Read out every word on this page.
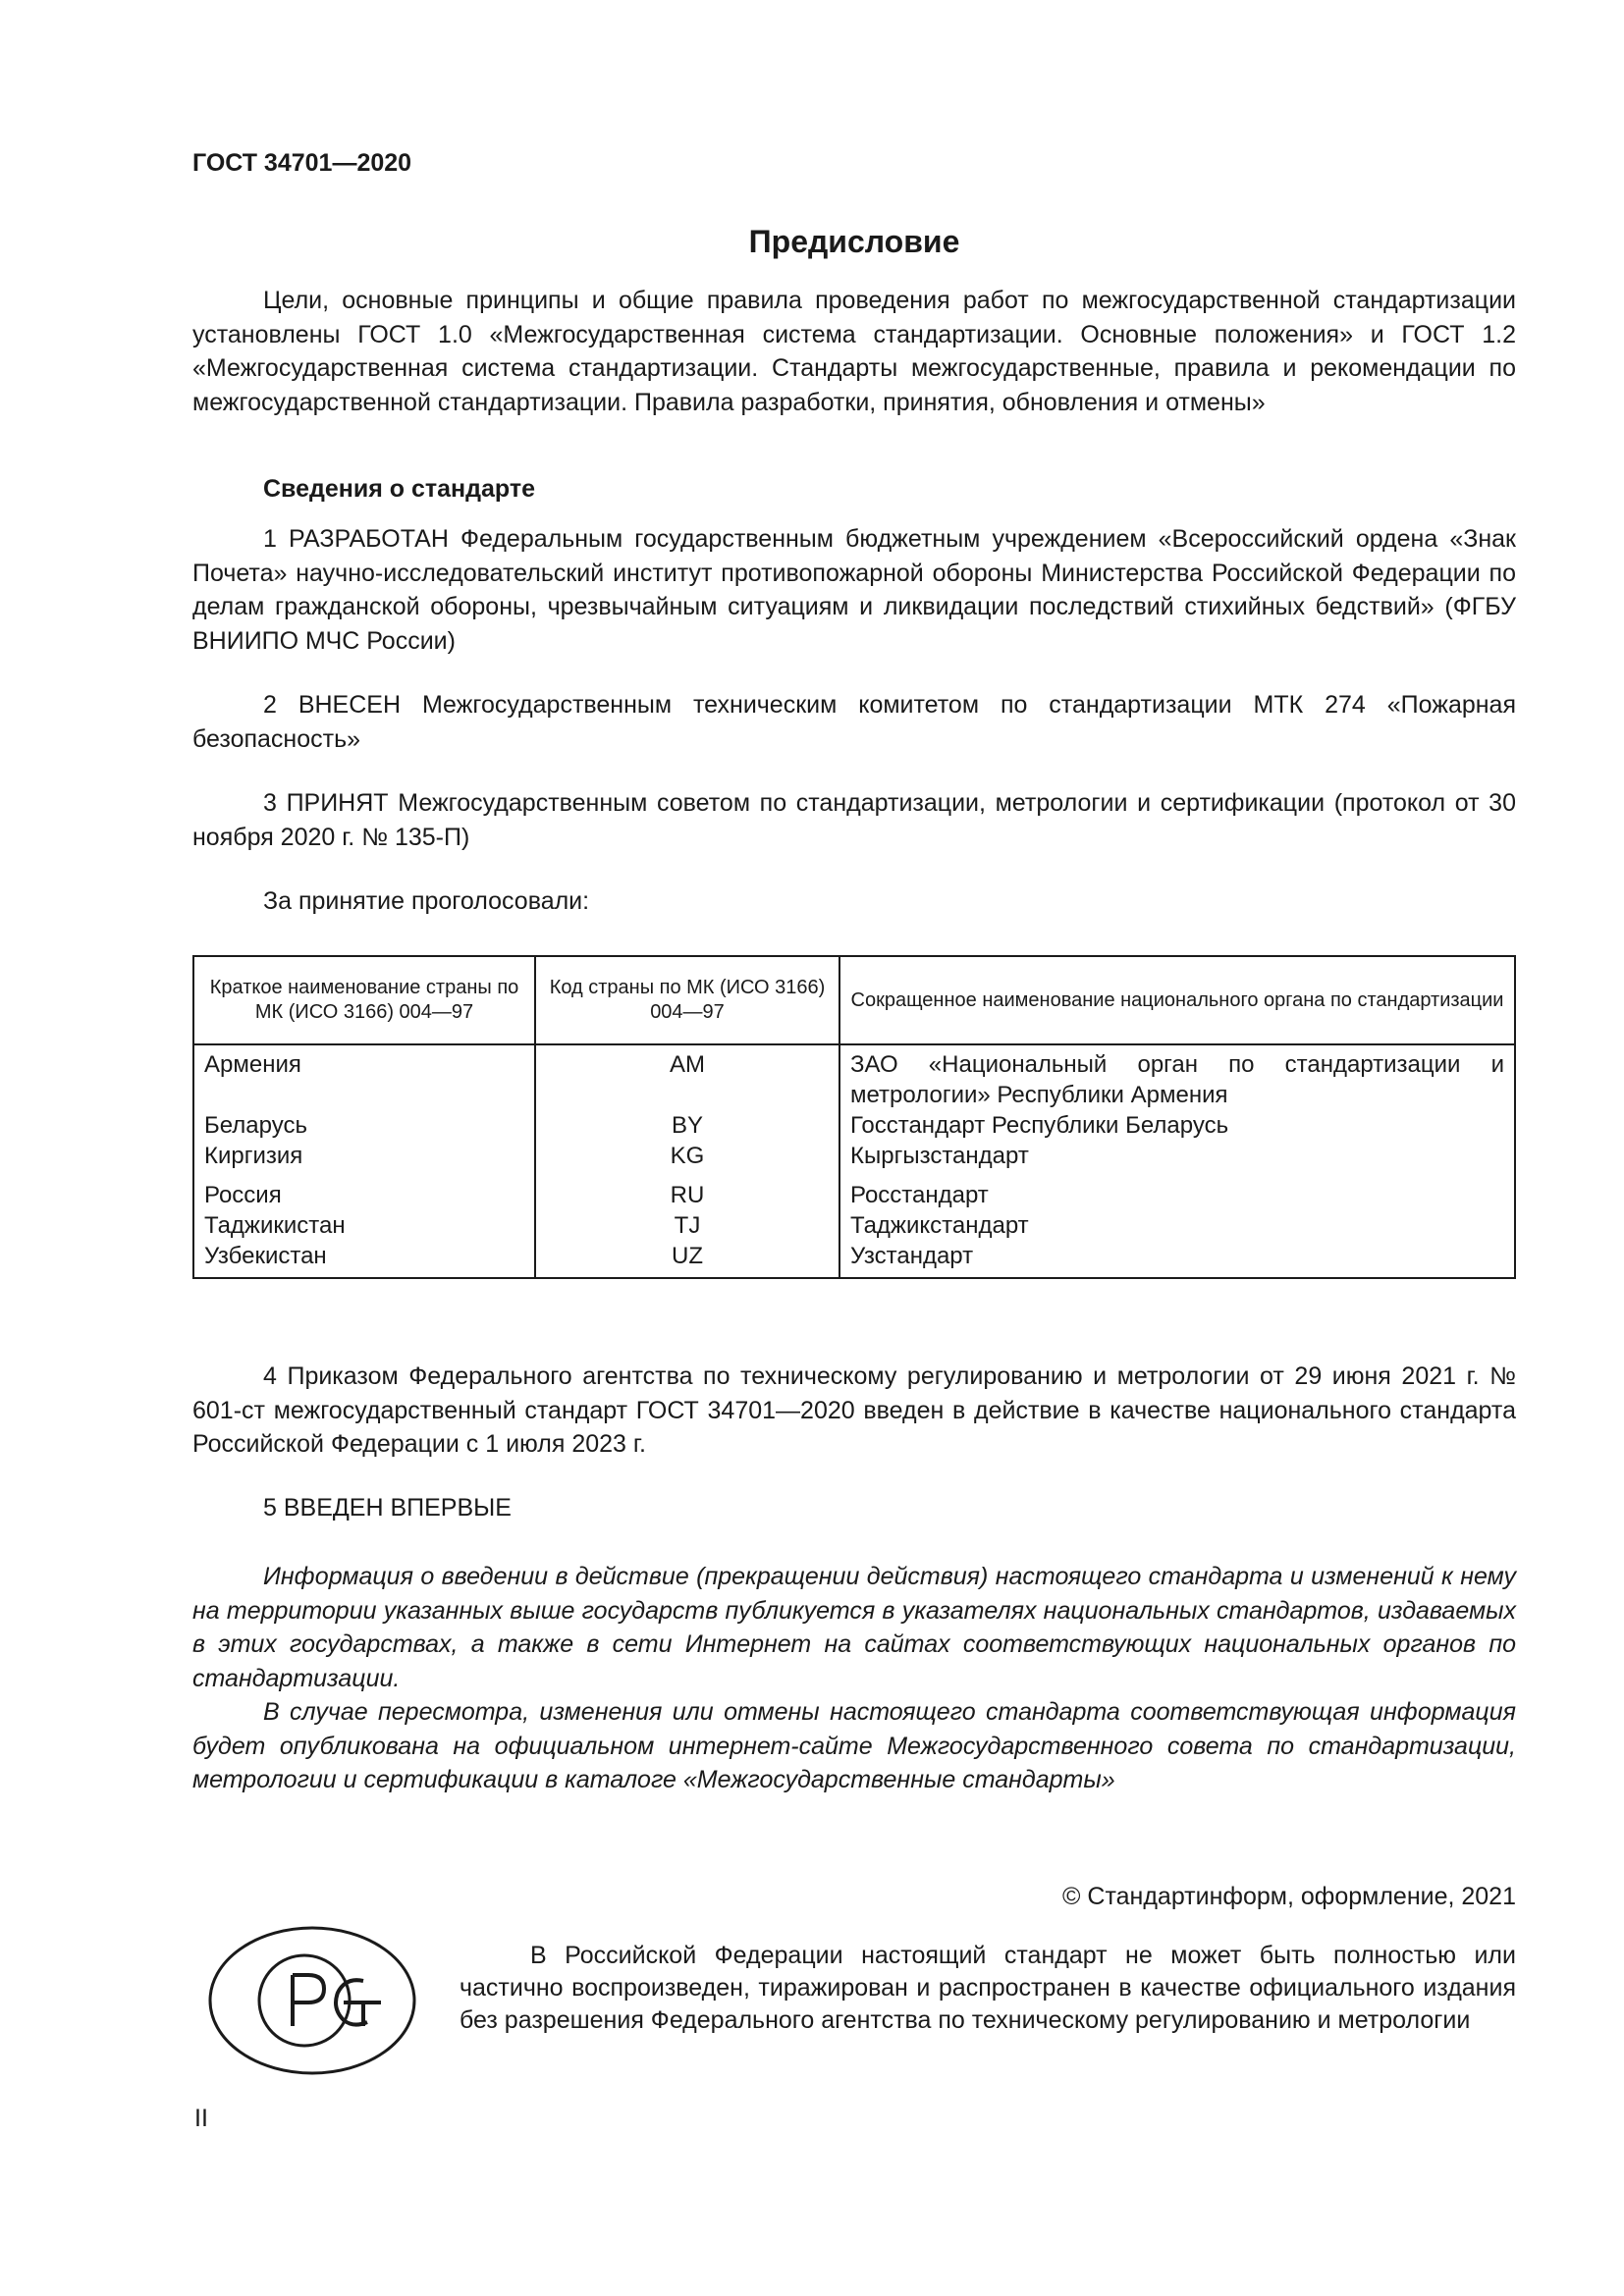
ГОСТ 34701—2020
Предисловие

Цели, основные принципы и общие правила проведения работ по межгосударственной стандартизации установлены ГОСТ 1.0 «Межгосударственная система стандартизации. Основные положения» и ГОСТ 1.2 «Межгосударственная система стандартизации. Стандарты межгосударственные, правила и рекомендации по межгосударственной стандартизации. Правила разработки, принятия, обновления и отмены»

Сведения о стандарте

1 РАЗРАБОТАН Федеральным государственным бюджетным учреждением «Всероссийский ордена «Знак Почета» научно-исследовательский институт противопожарной обороны Министерства Российской Федерации по делам гражданской обороны, чрезвычайным ситуациям и ликвидации последствий стихийных бедствий» (ФГБУ ВНИИПО МЧС России)

2 ВНЕСЕН Межгосударственным техническим комитетом по стандартизации МТК 274 «Пожарная безопасность»

3 ПРИНЯТ Межгосударственным советом по стандартизации, метрологии и сертификации (протокол от 30 ноября 2020 г. № 135-П)

За принятие проголосовали:
Краткое наименование страны по МК (ИСО 3166) 004—97	Код страны по МК (ИСО 3166) 004—97	Сокращенное наименование национального органа по стандартизации
Армения	AM	ЗАО «Национальный орган по стандартизации и метрологии» Республики Армения
Беларусь	BY	Госстандарт Республики Беларусь
Киргизия	KG	Кыргызстандарт
Россия	RU	Росстандарт
Таджикистан	TJ	Таджикстандарт
Узбекистан	UZ	Узстандарт

4 Приказом Федерального агентства по техническому регулированию и метрологии от 29 июня 2021 г. № 601-ст межгосударственный стандарт ГОСТ 34701—2020 введен в действие в качестве национального стандарта Российской Федерации с 1 июля 2023 г.

5 ВВЕДЕН ВПЕРВЫЕ

Информация о введении в действие (прекращении действия) настоящего стандарта и изменений к нему на территории указанных выше государств публикуется в указателях национальных стандартов, издаваемых в этих государствах, а также в сети Интернет на сайтах соответствующих национальных органов по стандартизации.

В случае пересмотра, изменения или отмены настоящего стандарта соответствующая информация будет опубликована на официальном интернет-сайте Межгосударственного совета по стандартизации, метрологии и сертификации в каталоге «Межгосударственные стандарты»

© Стандартинформ, оформление, 2021

В Российской Федерации настоящий стандарт не может быть полностью или частично воспроизведен, тиражирован и распространен в качестве официального издания без разрешения Федерального агентства по техническому регулированию и метрологии

II
